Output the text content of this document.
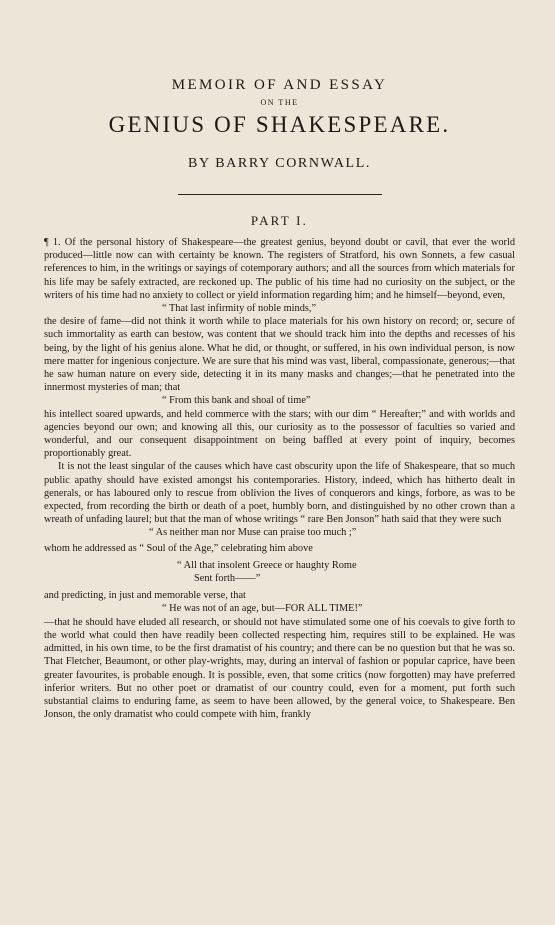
MEMOIR OF AND ESSAY
ON THE
GENIUS OF SHAKESPEARE.
BY BARRY CORNWALL.
PART I.

¶ 1. Of the personal history of Shakespeare—the greatest genius, beyond doubt or cavil, that ever the world produced—little now can with certainty be known. The registers of Stratford, his own Sonnets, a few casual references to him, in the writings or sayings of cotemporary authors; and all the sources from which materials for his life may be safely extracted, are reckoned up. The public of his time had no curiosity on the subject, or the writers of his time had no anxiety to collect or yield information regarding him; and he himself—beyond, even,

“ That last infirmity of noble minds,”

the desire of fame—did not think it worth while to place materials for his own history on record; or, secure of such immortality as earth can bestow, was content that we should track him into the depths and recesses of his being, by the light of his genius alone. What he did, or thought, or suffered, in his own individual person, is now mere matter for ingenious conjecture. We are sure that his mind was vast, liberal, compassionate, generous;—that he saw human nature on every side, detecting it in its many masks and changes;—that he penetrated into the innermost mysteries of man; that

“ From this bank and shoal of time”

his intellect soared upwards, and held commerce with the stars; with our dim “ Hereafter;” and with worlds and agencies beyond our own; and knowing all this, our curiosity as to the possessor of faculties so varied and wonderful, and our consequent disappointment on being baffled at every point of inquiry, becomes proportionably great.

It is not the least singular of the causes which have cast obscurity upon the life of Shakespeare, that so much public apathy should have existed amongst his contemporaries. History, indeed, which has hitherto dealt in generals, or has laboured only to rescue from oblivion the lives of conquerors and kings, forbore, as was to be expected, from recording the birth or death of a poet, humbly born, and distinguished by no other crown than a wreath of unfading laurel; but that the man of whose writings “ rare Ben Jonson” hath said that they were such

“ As neither man nor Muse can praise too much ;”

whom he addressed as “ Soul of the Age,” celebrating him above

“ All that insolent Greece or haughty Rome

Sent forth——”

and predicting, in just and memorable verse, that

“ He was not of an age, but—FOR ALL TIME!”

—that he should have eluded all research, or should not have stimulated some one of his coevals to give forth to the world what could then have readily been collected respecting him, requires still to be explained. He was admitted, in his own time, to be the first dramatist of his country; and there can be no question but that he was so. That Fletcher, Beaumont, or other play-wrights, may, during an interval of fashion or popular caprice, have been greater favourites, is probable enough. It is possible, even, that some critics (now forgotten) may have preferred inferior writers. But no other poet or dramatist of our country could, even for a moment, put forth such substantial claims to enduring fame, as seem to have been allowed, by the general voice, to Shakespeare. Ben Jonson, the only dramatist who could compete with him, frankly
